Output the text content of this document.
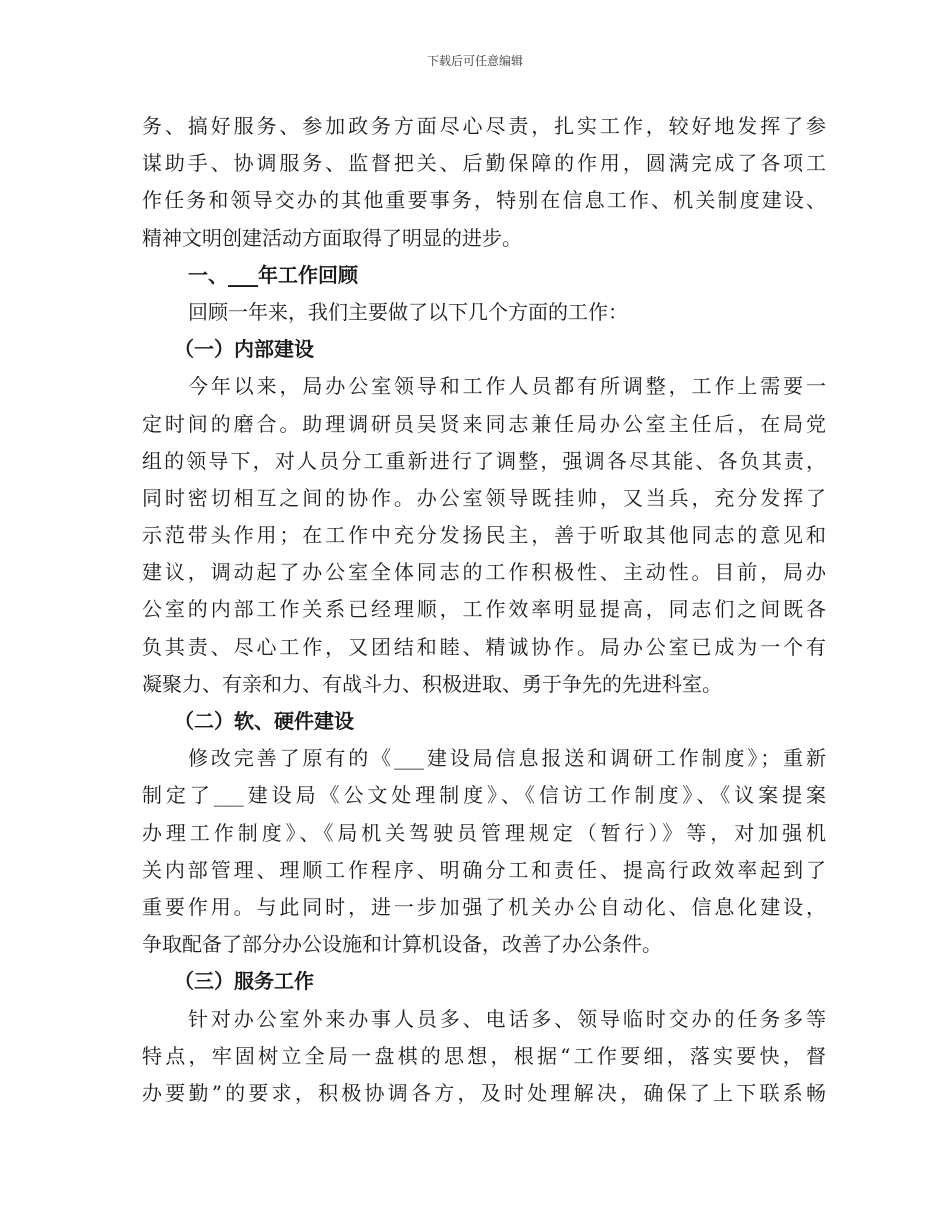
下载后可任意编辑
务、搞好服务、参加政务方面尽心尽责，扎实工作，较好地发挥了参
谋助手、协调服务、监督把关、后勤保障的作用，圆满完成了各项工
作任务和领导交办的其他重要事务，特别在信息工作、机关制度建设、
精神文明创建活动方面取得了明显的进步。
一、___年工作回顾
回顾一年来，我们主要做了以下几个方面的工作：
（一）内部建设
今年以来，局办公室领导和工作人员都有所调整，工作上需要一
定时间的磨合。助理调研员吴贤来同志兼任局办公室主任后，在局党
组的领导下，对人员分工重新进行了调整，强调各尽其能、各负其责，
同时密切相互之间的协作。办公室领导既挂帅，又当兵，充分发挥了
示范带头作用；在工作中充分发扬民主，善于听取其他同志的意见和
建议，调动起了办公室全体同志的工作积极性、主动性。目前，局办
公室的内部工作关系已经理顺，工作效率明显提高，同志们之间既各
负其责、尽心工作，又团结和睦、精诚协作。局办公室已成为一个有
凝聚力、有亲和力、有战斗力、积极进取、勇于争先的先进科室。
（二）软、硬件建设
修改完善了原有的《___建设局信息报送和调研工作制度》；重新
制定了___建设局《公文处理制度》、《信访工作制度》、《议案提案
办理工作制度》、《局机关驾驶员管理规定（暂行）》等，对加强机
关内部管理、理顺工作程序、明确分工和责任、提高行政效率起到了
重要作用。与此同时，进一步加强了机关办公自动化、信息化建设，
争取配备了部分办公设施和计算机设备，改善了办公条件。
（三）服务工作
针对办公室外来办事人员多、电话多、领导临时交办的任务多等
特点，牢固树立全局一盘棋的思想，根据“工作要细，落实要快，督
办要勤”的要求，积极协调各方，及时处理解决，确保了上下联系畅
